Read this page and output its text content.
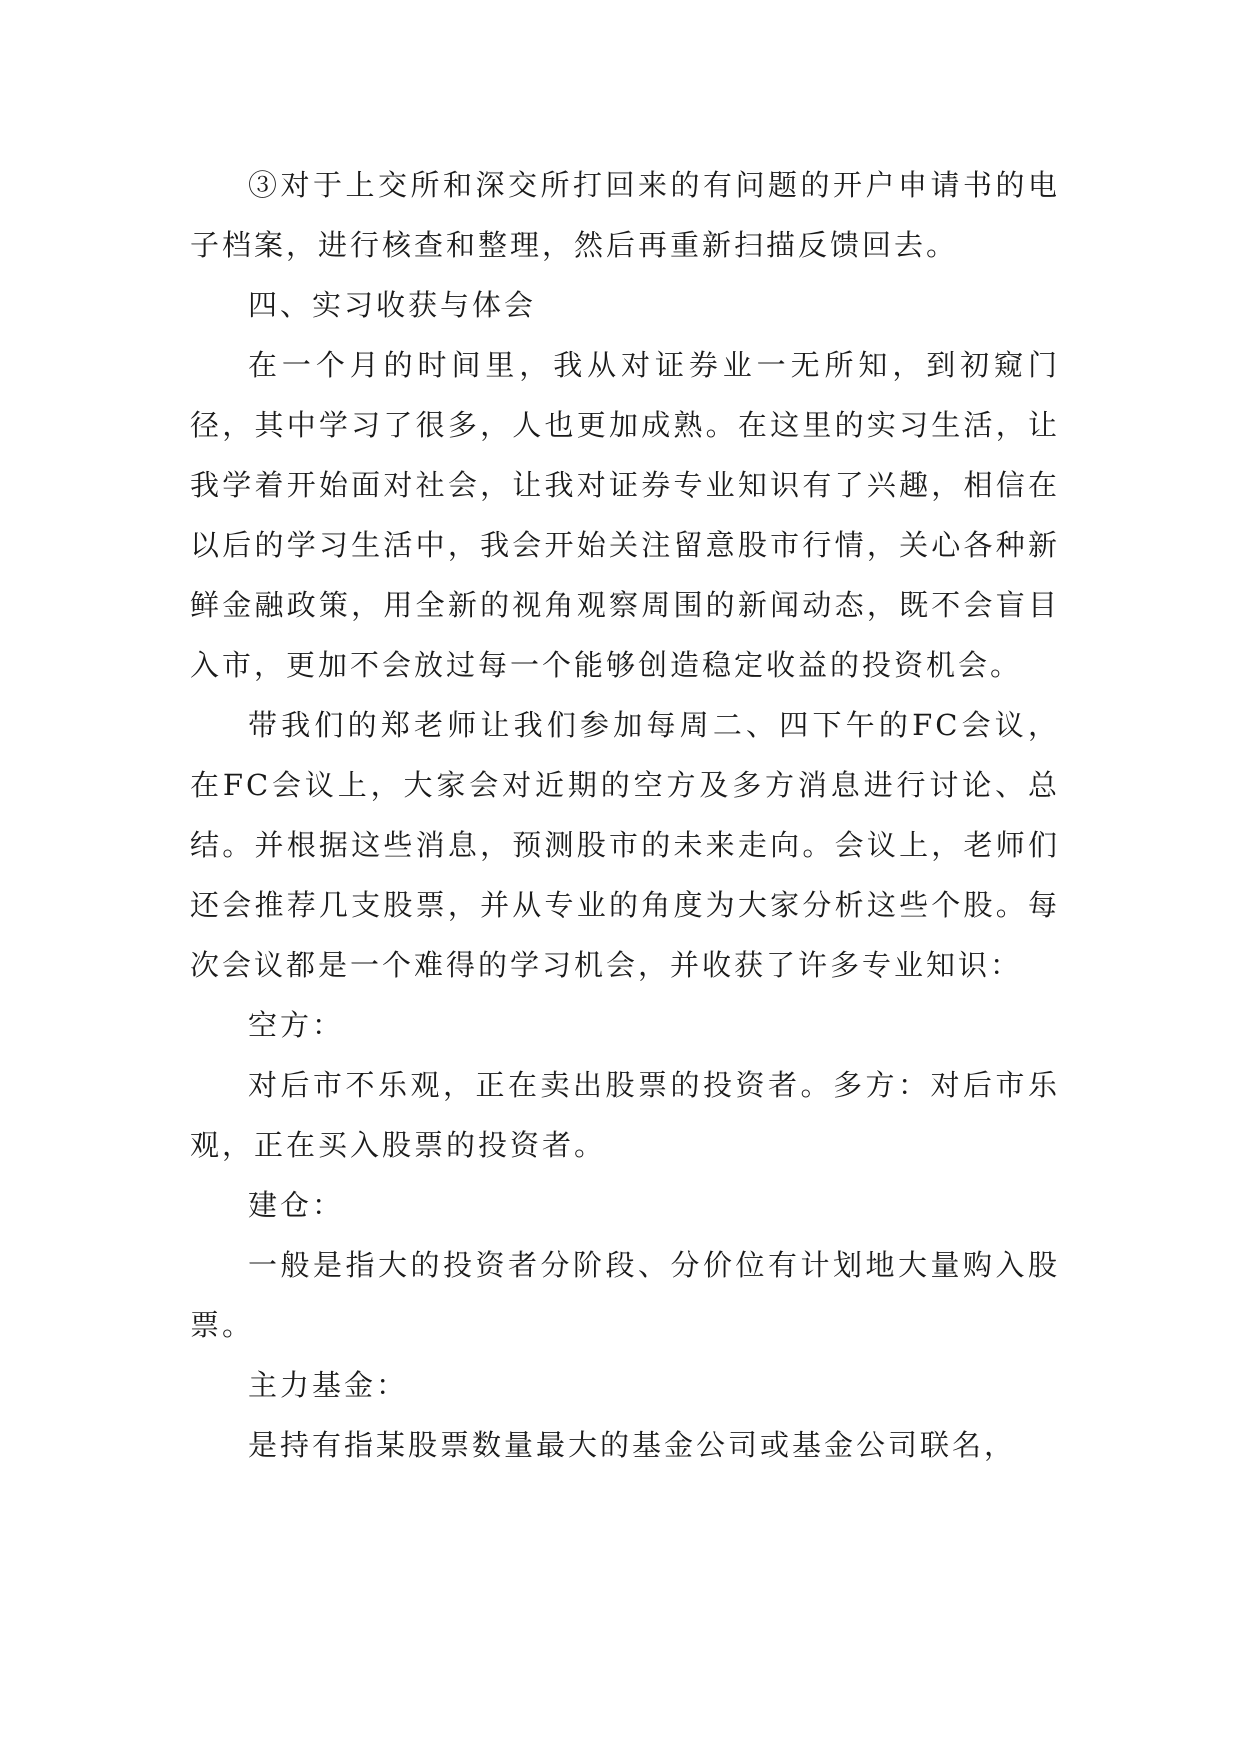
③对于上交所和深交所打回来的有问题的开户申请书的电子档案，进行核查和整理，然后再重新扫描反馈回去。

四、实习收获与体会

在一个月的时间里，我从对证券业一无所知，到初窥门径，其中学习了很多，人也更加成熟。在这里的实习生活，让我学着开始面对社会，让我对证券专业知识有了兴趣，相信在以后的学习生活中，我会开始关注留意股市行情，关心各种新鲜金融政策，用全新的视角观察周围的新闻动态，既不会盲目入市，更加不会放过每一个能够创造稳定收益的投资机会。

带我们的郑老师让我们参加每周二、四下午的FC会议，在FC会议上，大家会对近期的空方及多方消息进行讨论、总结。并根据这些消息，预测股市的未来走向。会议上，老师们还会推荐几支股票，并从专业的角度为大家分析这些个股。每次会议都是一个难得的学习机会，并收获了许多专业知识：

空方：

对后市不乐观，正在卖出股票的投资者。多方：对后市乐观，正在买入股票的投资者。

建仓：

一般是指大的投资者分阶段、分价位有计划地大量购入股票。

主力基金：

是持有指某股票数量最大的基金公司或基金公司联名，
